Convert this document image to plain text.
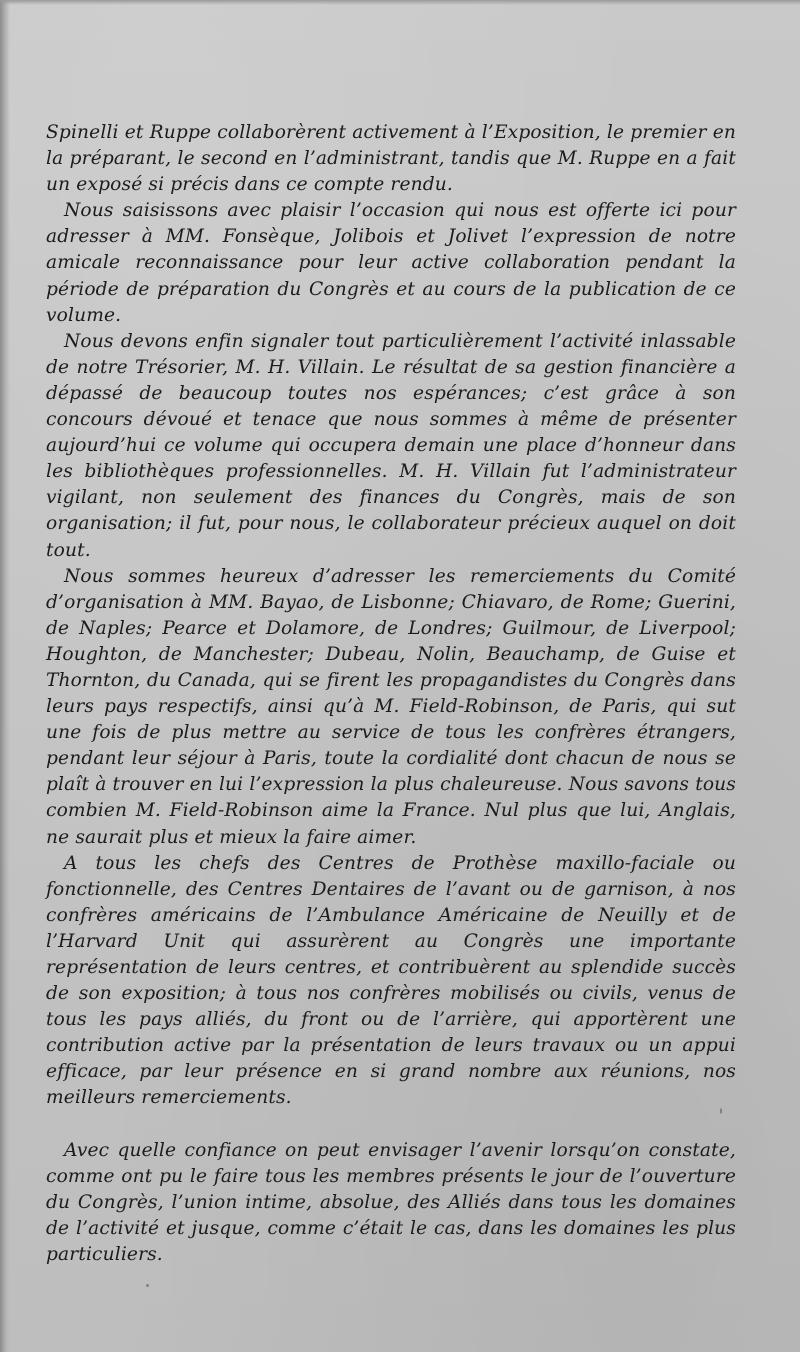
Spinelli et Ruppe collaborèrent activement à l’Exposition, le premier en la préparant, le second en l’administrant, tandis que M. Ruppe en a fait un exposé si précis dans ce compte rendu.

Nous saisissons avec plaisir l’occasion qui nous est offerte ici pour adresser à MM. Fonsèque, Jolibois et Jolivet l’expression de notre amicale reconnaissance pour leur active collaboration pendant la période de préparation du Congrès et au cours de la publication de ce volume.

Nous devons enfin signaler tout particulièrement l’activité inlassable de notre Trésorier, M. H. Villain. Le résultat de sa gestion financière a dépassé de beaucoup toutes nos espérances; c’est grâce à son concours dévoué et tenace que nous sommes à même de présenter aujourd’hui ce volume qui occupera demain une place d’honneur dans les bibliothèques professionnelles. M. H. Villain fut l’administrateur vigilant, non seulement des finances du Congrès, mais de son organisation; il fut, pour nous, le collaborateur précieux auquel on doit tout.

Nous sommes heureux d’adresser les remerciements du Comité d’organisation à MM. Bayao, de Lisbonne; Chiavaro, de Rome; Guerini, de Naples; Pearce et Dolamore, de Londres; Guilmour, de Liverpool; Houghton, de Manchester; Dubeau, Nolin, Beauchamp, de Guise et Thornton, du Canada, qui se firent les propagandistes du Congrès dans leurs pays respectifs, ainsi qu’à M. Field-Robinson, de Paris, qui sut une fois de plus mettre au service de tous les confrères étrangers, pendant leur séjour à Paris, toute la cordialité dont chacun de nous se plaît à trouver en lui l’expression la plus chaleureuse. Nous savons tous combien M. Field-Robinson aime la France. Nul plus que lui, Anglais, ne saurait plus et mieux la faire aimer.

A tous les chefs des Centres de Prothèse maxillo-faciale ou fonctionnelle, des Centres Dentaires de l’avant ou de garnison, à nos confrères américains de l’Ambulance Américaine de Neuilly et de l’Harvard Unit qui assurèrent au Congrès une importante représentation de leurs centres, et contribuèrent au splendide succès de son exposition; à tous nos confrères mobilisés ou civils, venus de tous les pays alliés, du front ou de l’arrière, qui apportèrent une contribution active par la présentation de leurs travaux ou un appui efficace, par leur présence en si grand nombre aux réunions, nos meilleurs remerciements.

Avec quelle confiance on peut envisager l’avenir lorsqu’on constate, comme ont pu le faire tous les membres présents le jour de l’ouverture du Congrès, l’union intime, absolue, des Alliés dans tous les domaines de l’activité et jusque, comme c’était le cas, dans les domaines les plus particuliers.
